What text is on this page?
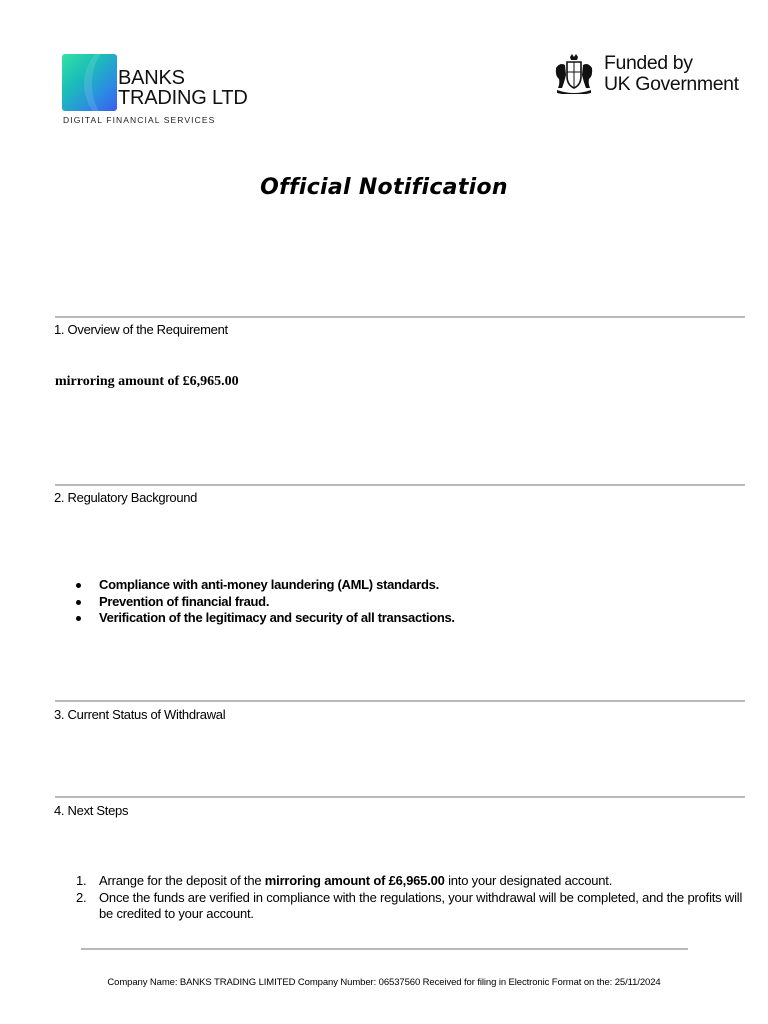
BANKS
TRADING LTD
DIGITAL FINANCIAL SERVICES
Funded by
UK Government
Official Notification
1. Overview of the Requirement
mirroring amount of £6,965.00
2. Regulatory Background
Compliance with anti-money laundering (AML) standards.
Prevention of financial fraud.
Verification of the legitimacy and security of all transactions.
3. Current Status of Withdrawal
4. Next Steps
1. Arrange for the deposit of the mirroring amount of £6,965.00 into your designated account.
2. Once the funds are verified in compliance with the regulations, your withdrawal will be completed, and the profits will be credited to your account.
Company Name: BANKS TRADING LIMITED Company Number: 06537560 Received for filing in Electronic Format on the: 25/11/2024
